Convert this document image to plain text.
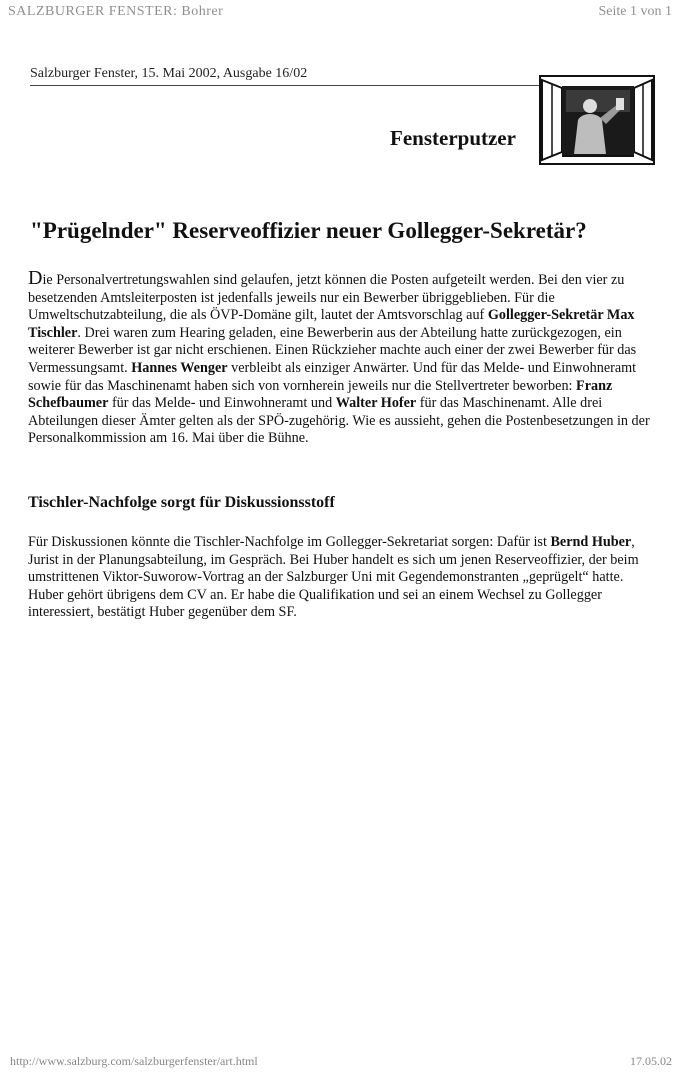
SALZBURGER FENSTER: Bohrer	Seite 1 von 1
Salzburger Fenster, 15. Mai 2002, Ausgabe 16/02
Fensterputzer
"Prügelnder" Reserveoffizier neuer Gollegger-Sekretär?

Die Personalvertretungswahlen sind gelaufen, jetzt können die Posten aufgeteilt werden. Bei den vier zu besetzenden Amtsleiterposten ist jedenfalls jeweils nur ein Bewerber übriggeblieben. Für die Umweltschutzabteilung, die als ÖVP-Domäne gilt, lautet der Amtsvorschlag auf Gollegger-Sekretär Max Tischler. Drei waren zum Hearing geladen, eine Bewerberin aus der Abteilung hatte zurückgezogen, ein weiterer Bewerber ist gar nicht erschienen. Einen Rückzieher machte auch einer der zwei Bewerber für das Vermessungsamt. Hannes Wenger verbleibt als einziger Anwärter. Und für das Melde- und Einwohneramt sowie für das Maschinenamt haben sich von vornherein jeweils nur die Stellvertreter beworben: Franz Schefbaumer für das Melde- und Einwohneramt und Walter Hofer für das Maschinenamt. Alle drei Abteilungen dieser Ämter gelten als der SPÖ-zugehörig. Wie es aussieht, gehen die Postenbesetzungen in der Personalkommission am 16. Mai über die Bühne.

Tischler-Nachfolge sorgt für Diskussionsstoff

Für Diskussionen könnte die Tischler-Nachfolge im Gollegger-Sekretariat sorgen: Dafür ist Bernd Huber, Jurist in der Planungsabteilung, im Gespräch. Bei Huber handelt es sich um jenen Reserveoffizier, der beim umstrittenen Viktor-Suworow-Vortrag an der Salzburger Uni mit Gegendemonstranten „geprügelt“ hatte. Huber gehört übrigens dem CV an. Er habe die Qualifikation und sei an einem Wechsel zu Gollegger interessiert, bestätigt Huber gegenüber dem SF.

http://www.salzburg.com/salzburgerfenster/art.html	17.05.02
